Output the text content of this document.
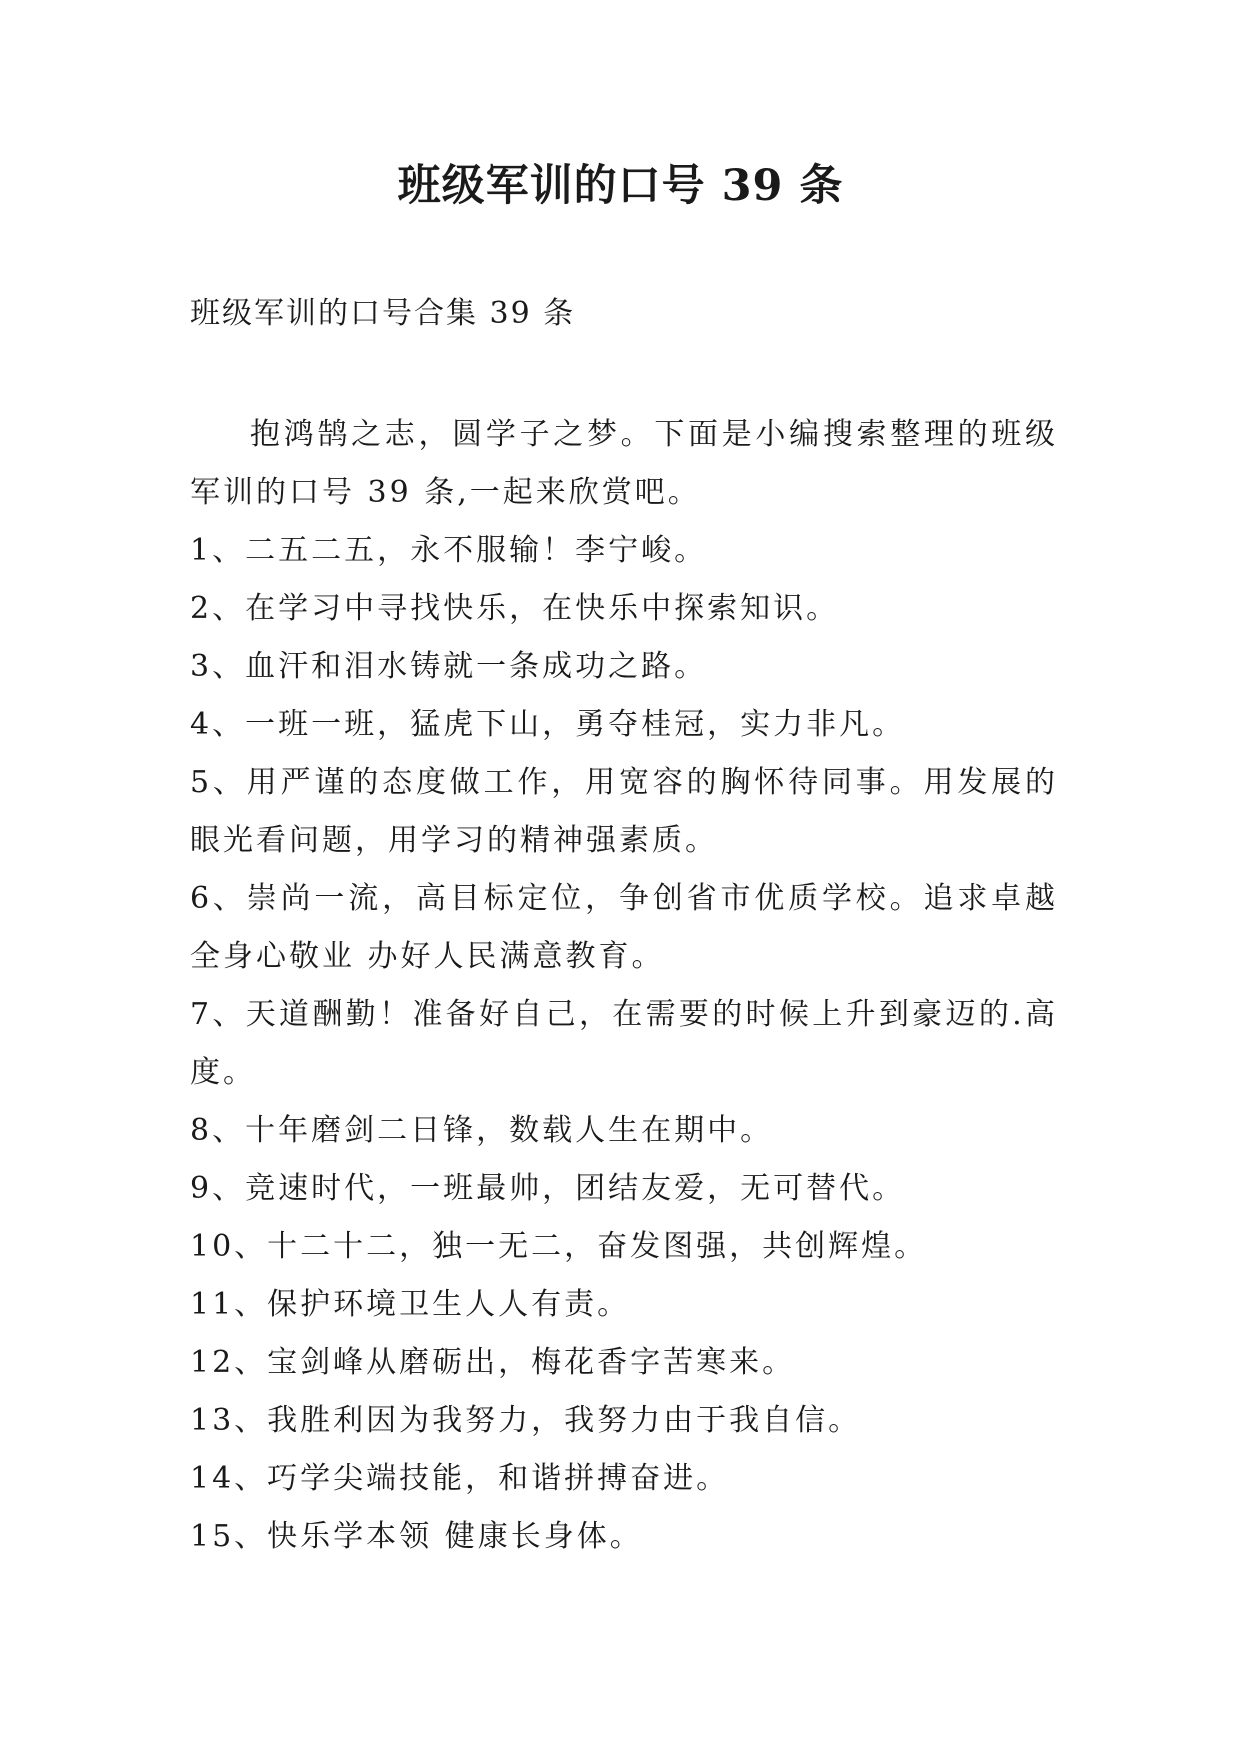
班级军训的口号 39 条
班级军训的口号合集 39 条

抱鸿鹄之志，圆学子之梦。下面是小编搜索整理的班级军训的口号 39 条,一起来欣赏吧。

1、二五二五，永不服输！李宁峻。

2、在学习中寻找快乐，在快乐中探索知识。

3、血汗和泪水铸就一条成功之路。

4、一班一班，猛虎下山，勇夺桂冠，实力非凡。

5、用严谨的态度做工作，用宽容的胸怀待同事。用发展的眼光看问题，用学习的精神强素质。

6、崇尚一流，高目标定位，争创省市优质学校。追求卓越全身心敬业 办好人民满意教育。

7、天道酬勤！准备好自己，在需要的时候上升到豪迈的.高度。

8、十年磨剑二日锋，数载人生在期中。

9、竞速时代，一班最帅，团结友爱，无可替代。

10、十二十二，独一无二，奋发图强，共创辉煌。

11、保护环境卫生人人有责。

12、宝剑峰从磨砺出，梅花香字苦寒来。

13、我胜利因为我努力，我努力由于我自信。

14、巧学尖端技能，和谐拼搏奋进。

15、快乐学本领 健康长身体。
